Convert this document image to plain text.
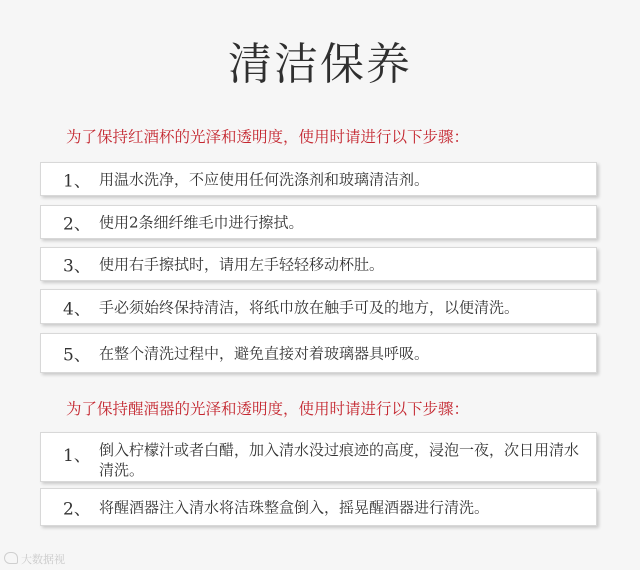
清洁保养
为了保持红酒杯的光泽和透明度，使用时请进行以下步骤：
1、 用温水洗净，不应使用任何洗涤剂和玻璃清洁剂。
2、 使用2条细纤维毛巾进行擦拭。
3、 使用右手擦拭时，请用左手轻轻移动杯肚。
4、 手必须始终保持清洁，将纸巾放在触手可及的地方，以便清洗。
5、 在整个清洗过程中，避免直接对着玻璃器具呼吸。
为了保持醒酒器的光泽和透明度，使用时请进行以下步骤：
1、 倒入柠檬汁或者白醋，加入清水没过痕迹的高度，浸泡一夜，次日用清水清洗。
2、 将醒酒器注入清水将洁珠整盒倒入，摇晃醒酒器进行清洗。
大数据视
